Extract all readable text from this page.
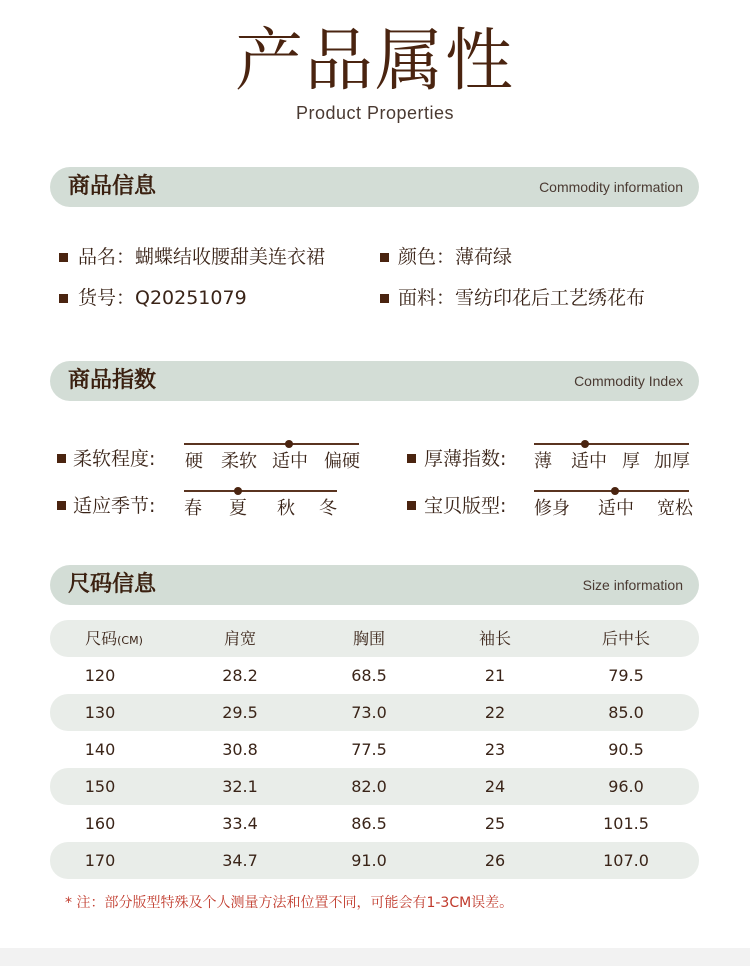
产品属性
Product Properties
商品信息	Commodity information
品名：蝴蝶结收腰甜美连衣裙	颜色：薄荷绿
货号：Q20251079	面料：雪纺印花后工艺绣花布
商品指数	Commodity Index
柔软程度: 硬 柔软 适中 偏硬	厚薄指数: 薄 适中 厚 加厚
适应季节: 春 夏 秋 冬	宝贝版型: 修身 适中 宽松
尺码信息	Size information
尺码(CM)	肩宽	胸围	袖长	后中长
120	28.2	68.5	21	79.5
130	29.5	73.0	22	85.0
140	30.8	77.5	23	90.5
150	32.1	82.0	24	96.0
160	33.4	86.5	25	101.5
170	34.7	91.0	26	107.0
* 注：部分版型特殊及个人测量方法和位置不同，可能会有1-3CM误差。
